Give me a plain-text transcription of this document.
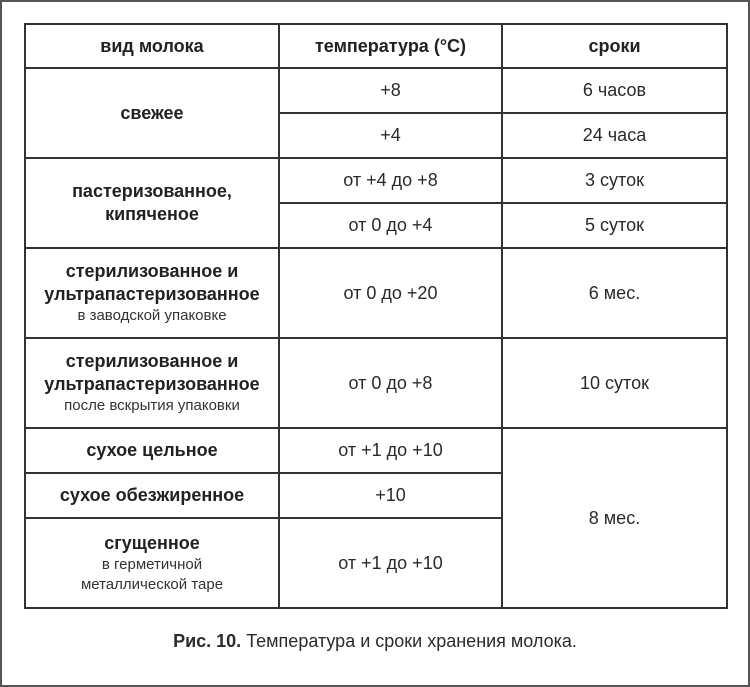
вид молока	температура (°C)	сроки
свежее	+8	6 часов
	+4	24 часа

пастеризованное,
кипяченое	от +4 до +8	3 суток
	от 0 до +4	5 суток

стерилизованное и
ультрапастеризованное
в заводской упаковке	от 0 до +20	6 мес.

стерилизованное и
ультрапастеризованное
после вскрытия упаковки	от 0 до +8	10 суток
сухое цельное	от +1 до +10	8 мес.
сухое обезжиренное	+10	

сгущенное
в герметичной
металлической таре	от +1 до +10	
Рис. 10. Температура и сроки хранения молока.
